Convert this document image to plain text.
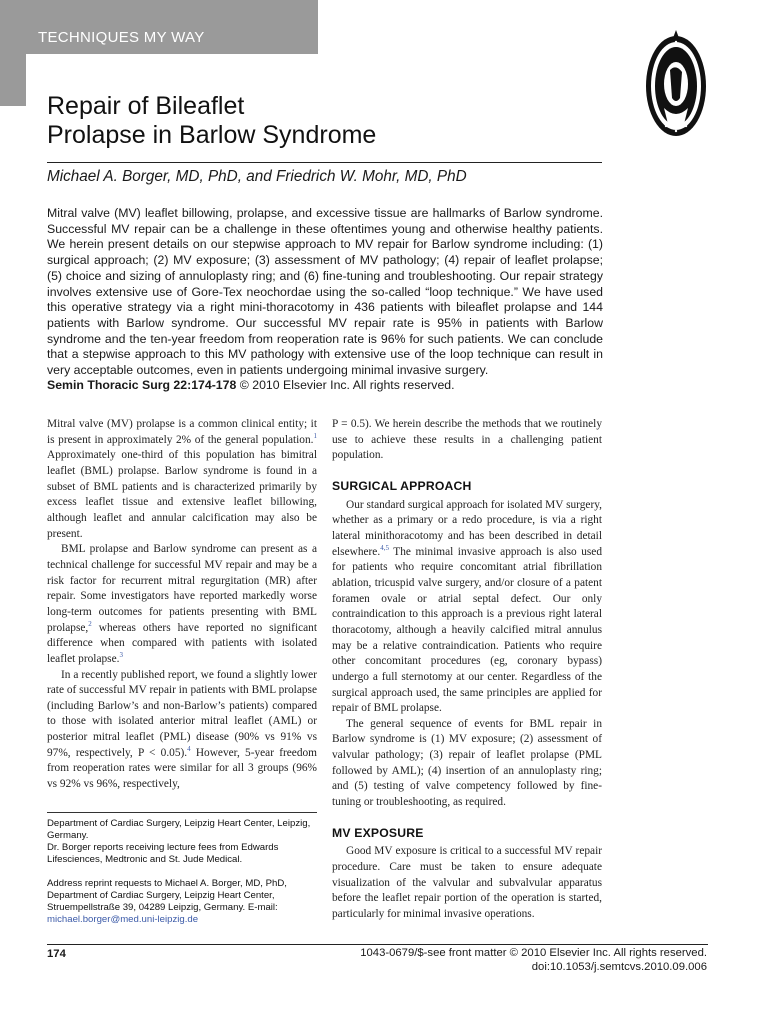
TECHNIQUES MY WAY
Repair of Bileaflet
Prolapse in Barlow Syndrome
Michael A. Borger, MD, PhD, and Friedrich W. Mohr, MD, PhD
Mitral valve (MV) leaflet billowing, prolapse, and excessive tissue are hallmarks of Barlow syndrome. Successful MV repair can be a challenge in these oftentimes young and otherwise healthy patients. We herein present details on our stepwise approach to MV repair for Barlow syndrome including: (1) surgical approach; (2) MV exposure; (3) assessment of MV pathology; (4) repair of leaflet prolapse; (5) choice and sizing of annuloplasty ring; and (6) fine-tuning and troubleshooting. Our repair strategy involves extensive use of Gore-Tex neochordae using the so-called “loop technique.” We have used this operative strategy via a right mini-thoracotomy in 436 patients with bileaflet prolapse and 144 patients with Barlow syndrome. Our successful MV repair rate is 95% in patients with Barlow syndrome and the ten-year freedom from reoperation rate is 96% for such patients. We can conclude that a stepwise approach to this MV pathology with extensive use of the loop technique can result in very acceptable outcomes, even in patients undergoing minimal invasive surgery.
Semin Thoracic Surg 22:174-178 © 2010 Elsevier Inc. All rights reserved.

Mitral valve (MV) prolapse is a common clinical entity; it is present in approximately 2% of the general population.$^1$ Approximately one-third of this population has bimitral leaflet (BML) prolapse. Barlow syndrome is found in a subset of BML patients and is characterized primarily by excess leaflet tissue and extensive leaflet billowing, although leaflet and annular calcification may also be present.

BML prolapse and Barlow syndrome can present as a technical challenge for successful MV repair and may be a risk factor for recurrent mitral regurgitation (MR) after repair. Some investigators have reported markedly worse long-term outcomes for patients presenting with BML prolapse,$^2$ whereas others have reported no significant difference when compared with patients with isolated leaflet prolapse.$^3$

In a recently published report, we found a slightly lower rate of successful MV repair in patients with BML prolapse (including Barlow’s and non-Barlow’s patients) compared to those with isolated anterior mitral leaflet (AML) or posterior mitral leaflet (PML) disease (90% vs 91% vs 97%, respectively, P < 0.05).$^4$ However, 5-year freedom from reoperation rates were similar for all 3 groups (96% vs 92% vs 96%, respectively,

P = 0.5). We herein describe the methods that we routinely use to achieve these results in a challenging patient population.

SURGICAL APPROACH

Our standard surgical approach for isolated MV surgery, whether as a primary or a redo procedure, is via a right lateral minithoracotomy and has been described in detail elsewhere.$^{4,5}$ The minimal invasive approach is also used for patients who require concomitant atrial fibrillation ablation, tricuspid valve surgery, and/or closure of a patent foramen ovale or atrial septal defect. Our only contraindication to this approach is a previous right lateral thoracotomy, although a heavily calcified mitral annulus may be a relative contraindication. Patients who require other concomitant procedures (eg, coronary bypass) undergo a full sternotomy at our center. Regardless of the surgical approach used, the same principles are applied for repair of BML prolapse.

The general sequence of events for BML repair in Barlow syndrome is (1) MV exposure; (2) assessment of valvular pathology; (3) repair of leaflet prolapse (PML followed by AML); (4) insertion of an annuloplasty ring; and (5) testing of valve competency followed by fine-tuning or troubleshooting, as required.

MV EXPOSURE

Good MV exposure is critical to a successful MV repair procedure. Care must be taken to ensure adequate visualization of the valvular and subvalvular apparatus before the leaflet repair portion of the operation is started, particularly for minimal invasive operations.

Department of Cardiac Surgery, Leipzig Heart Center, Leipzig, Germany.
Dr. Borger reports receiving lecture fees from Edwards Lifesciences, Medtronic and St. Jude Medical.
Address reprint requests to Michael A. Borger, MD, PhD, Department of Cardiac Surgery, Leipzig Heart Center, Struempellstraße 39, 04289 Leipzig, Germany. E-mail: michael.borger@med.uni-leipzig.de
174	1043-0679/$-see front matter © 2010 Elsevier Inc. All rights reserved.
doi:10.1053/j.semtcvs.2010.09.006
